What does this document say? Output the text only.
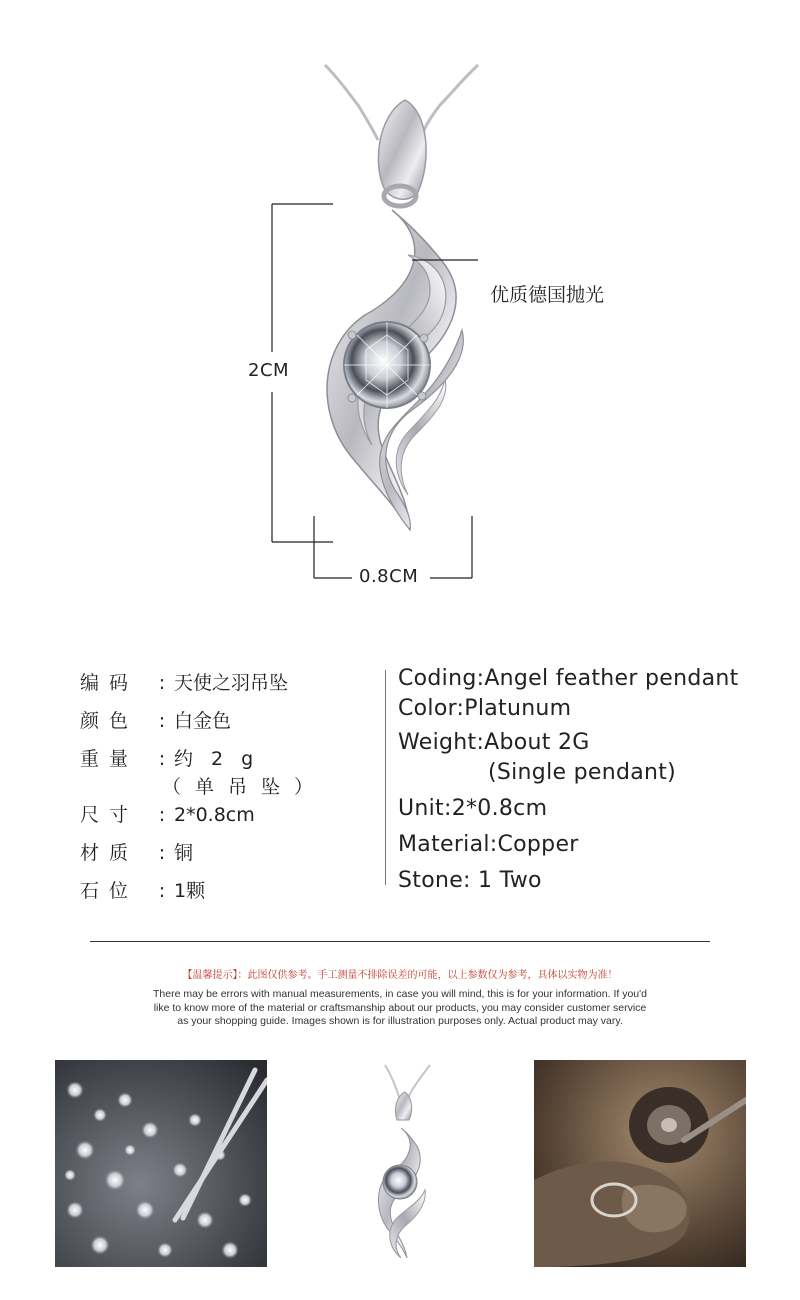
2CM
0.8CM
优质德国抛光
编码	: 天使之羽吊坠
颜色	: 白金色
重量	: 约 2 g
（单吊坠）
尺寸	: 2*0.8cm
材质	: 铜
石位	: 1颗
Coding:Angel feather pendant
Color:Platunum
Weight:About 2G
(Single pendant)
Unit:2*0.8cm
Material:Copper
Stone: 1 Two
【温馨提示】：此图仅供参考。手工测量不排除误差的可能，以上参数仅为参考，具体以实物为准！
There may be errors with manual measurements, in case you will mind, this is for your information. If you'd
like to know more of the material or craftsmanship about our products, you may consider customer service
as your shopping guide. Images shown is for illustration purposes only. Actual product may vary.
